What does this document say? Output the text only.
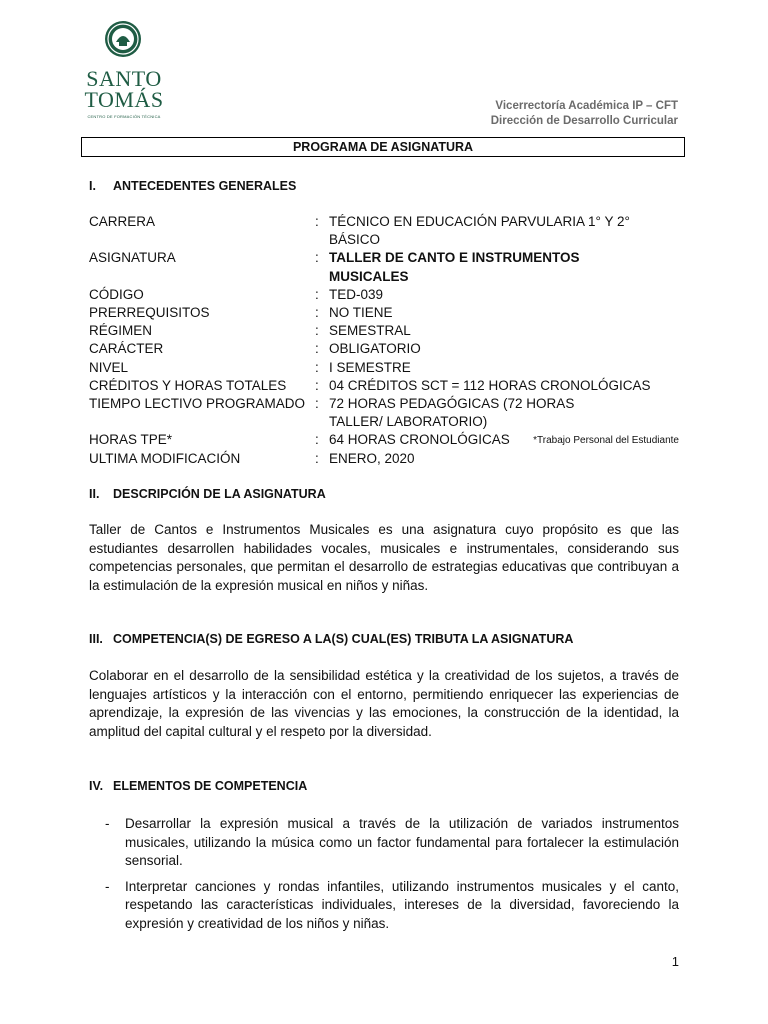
SANTO
TOMÁS
CENTRO DE FORMACIÓN TÉCNICA
Vicerrectoría Académica IP – CFT
Dirección de Desarrollo Curricular
PROGRAMA DE ASIGNATURA
I. ANTECEDENTES GENERALES
CARRERA	: TÉCNICO EN EDUCACIÓN PARVULARIA 1° Y 2° BÁSICO
ASIGNATURA	: TALLER DE CANTO E INSTRUMENTOS MUSICALES
CÓDIGO	: TED-039
PRERREQUISITOS	: NO TIENE
RÉGIMEN	: SEMESTRAL
CARÁCTER	: OBLIGATORIO
NIVEL	: I SEMESTRE
CRÉDITOS Y HORAS TOTALES	: 04 CRÉDITOS SCT = 112 HORAS CRONOLÓGICAS
TIEMPO LECTIVO PROGRAMADO : 72 HORAS PEDAGÓGICAS (72 HORAS TALLER/ LABORATORIO)
HORAS TPE*	: 64 HORAS CRONOLÓGICAS
ULTIMA MODIFICACIÓN	: ENERO, 2020
*Trabajo Personal del Estudiante
II. DESCRIPCIÓN DE LA ASIGNATURA
Taller de Cantos e Instrumentos Musicales es una asignatura cuyo propósito es que las estudiantes desarrollen habilidades vocales, musicales e instrumentales, considerando sus competencias personales, que permitan el desarrollo de estrategias educativas que contribuyan a la estimulación de la expresión musical en niños y niñas.
III. COMPETENCIA(S) DE EGRESO A LA(S) CUAL(ES) TRIBUTA LA ASIGNATURA
Colaborar en el desarrollo de la sensibilidad estética y la creatividad de los sujetos, a través de lenguajes artísticos y la interacción con el entorno, permitiendo enriquecer las experiencias de aprendizaje, la expresión de las vivencias y las emociones, la construcción de la identidad, la amplitud del capital cultural y el respeto por la diversidad.
IV. ELEMENTOS DE COMPETENCIA
-	Desarrollar la expresión musical a través de la utilización de variados instrumentos musicales, utilizando la música como un factor fundamental para fortalecer la estimulación sensorial.
-	Interpretar canciones y rondas infantiles, utilizando instrumentos musicales y el canto, respetando las características individuales, intereses de la diversidad, favoreciendo la expresión y creatividad de los niños y niñas.
1
